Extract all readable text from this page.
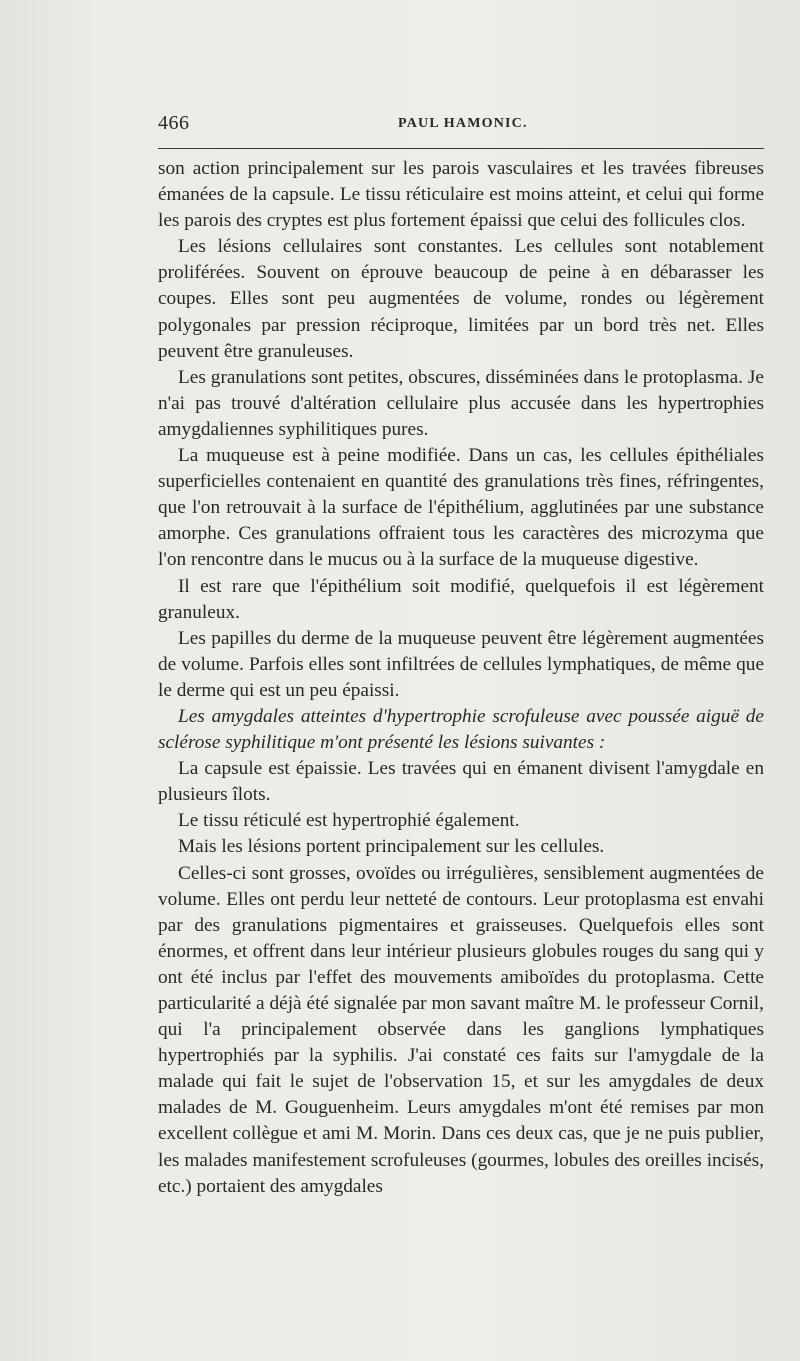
466	PAUL HAMONIC.

son action principalement sur les parois vasculaires et les travées fibreuses émanées de la capsule. Le tissu réticulaire est moins atteint, et celui qui forme les parois des cryptes est plus fortement épaissi que celui des follicules clos.

Les lésions cellulaires sont constantes. Les cellules sont notablement proliférées. Souvent on éprouve beaucoup de peine à en débarasser les coupes. Elles sont peu augmentées de volume, rondes ou légèrement polygonales par pression réciproque, limitées par un bord très net. Elles peuvent être granuleuses.

Les granulations sont petites, obscures, disséminées dans le protoplasma. Je n'ai pas trouvé d'altération cellulaire plus accusée dans les hypertrophies amygdaliennes syphilitiques pures.

La muqueuse est à peine modifiée. Dans un cas, les cellules épithéliales superficielles contenaient en quantité des granulations très fines, réfringentes, que l'on retrouvait à la surface de l'épithélium, agglutinées par une substance amorphe. Ces granulations offraient tous les caractères des microzyma que l'on rencontre dans le mucus ou à la surface de la muqueuse digestive.

Il est rare que l'épithélium soit modifié, quelquefois il est légèrement granuleux.

Les papilles du derme de la muqueuse peuvent être légèrement augmentées de volume. Parfois elles sont infiltrées de cellules lymphatiques, de même que le derme qui est un peu épaissi.

Les amygdales atteintes d'hypertrophie scrofuleuse avec poussée aiguë de sclérose syphilitique m'ont présenté les lésions suivantes :

La capsule est épaissie. Les travées qui en émanent divisent l'amygdale en plusieurs îlots.

Le tissu réticulé est hypertrophié également.

Mais les lésions portent principalement sur les cellules.

Celles-ci sont grosses, ovoïdes ou irrégulières, sensiblement augmentées de volume. Elles ont perdu leur netteté de contours. Leur protoplasma est envahi par des granulations pigmentaires et graisseuses. Quelquefois elles sont énormes, et offrent dans leur intérieur plusieurs globules rouges du sang qui y ont été inclus par l'effet des mouvements amiboïdes du protoplasma. Cette particularité a déjà été signalée par mon savant maître M. le professeur Cornil, qui l'a principalement observée dans les ganglions lymphatiques hypertrophiés par la syphilis. J'ai constaté ces faits sur l'amygdale de la malade qui fait le sujet de l'observation 15, et sur les amygdales de deux malades de M. Gouguenheim. Leurs amygdales m'ont été remises par mon excellent collègue et ami M. Morin. Dans ces deux cas, que je ne puis publier, les malades manifestement scrofuleuses (gourmes, lobules des oreilles incisés, etc.) portaient des amygdales
